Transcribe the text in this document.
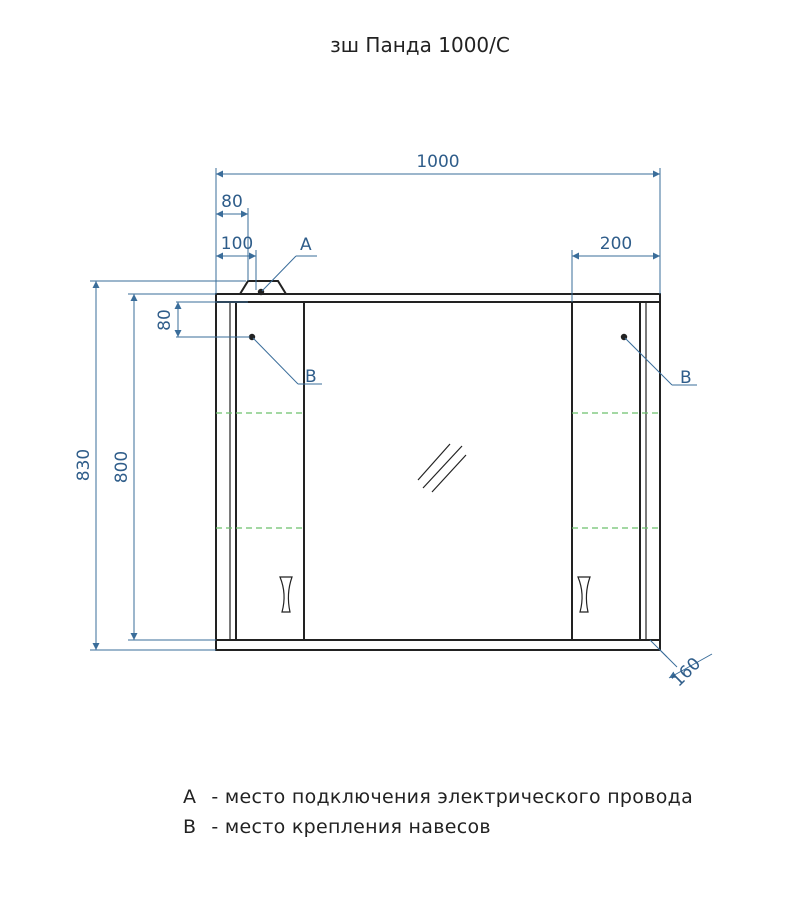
зш Панда 1000/С
1000
80
100	200
80
830 800
160
A
B	B
A - место подключения электрического провода
B - место крепления навесов
